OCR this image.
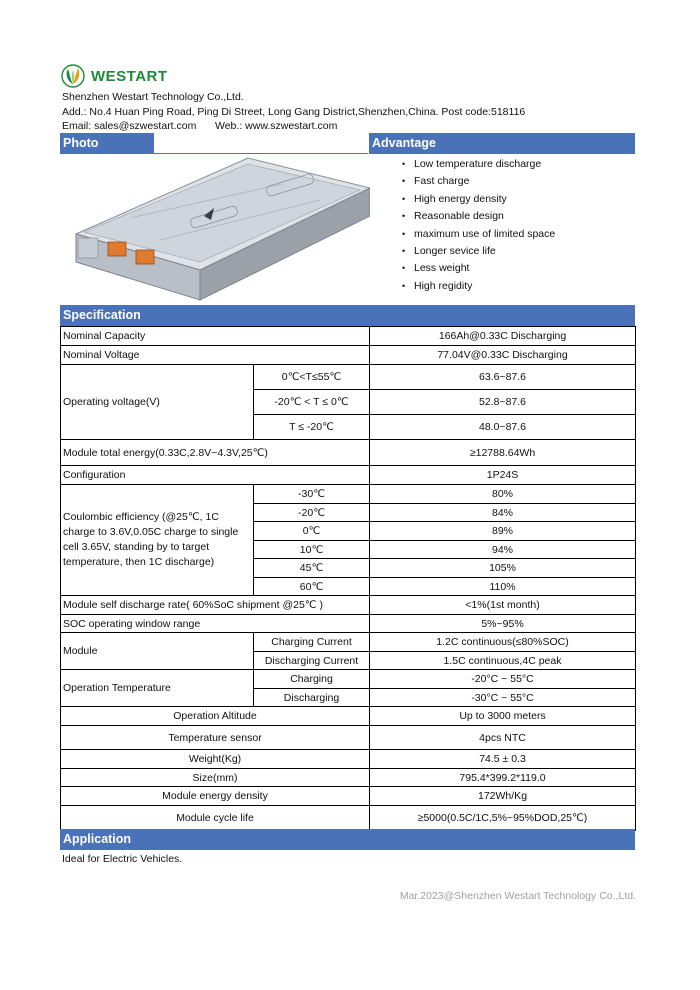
WESTART
Shenzhen Westart Technology Co.,Ltd.
Add.: No.4 Huan Ping Road, Ping Di Street, Long Gang District,Shenzhen,China. Post code:518116
Email: sales@szwestart.com Web.: www.szwestart.com
Photo	Advantage
• Low temperature discharge
• Fast charge
• High energy density
• Reasonable design
• maximum use of limited space
• Longer sevice life
• Less weight
• High regidity
Specification
Nominal Capacity		166Ah@0.33C Discharging
Nominal Voltage		77.04V@0.33C Discharging
Operating voltage(V)	0℃<T≤55℃	63.6~87.6
	-20℃ < T ≤ 0℃	52.8~87.6
	T ≤ -20℃	48.0~87.6
Module total energy(0.33C,2.8V~4.3V,25℃)		≥12788.64Wh
Configuration		1P24S
Coulombic efficiency (@25℃, 1C charge to 3.6V,0.05C charge to single cell 3.65V, standing by to target temperature, then 1C discharge)	-30℃	80%
	-20℃	84%
	0℃	89%
	10℃	94%
	45℃	105%
	60℃	110%
Module self discharge rate( 60%SoC shipment @25℃ )		<1%(1st month)
SOC operating window range		5%~95%
Module	Charging Current	1.2C continuous(≤80%SOC)
	Discharging Current	1.5C continuous,4C peak
Operation Temperature	Charging	-20°C ~ 55°C
	Discharging	-30°C ~ 55°C
Operation Altitude		Up to 3000 meters
Temperature sensor		4pcs NTC
Weight(Kg)		74.5 ± 0.3
Size(mm)		795.4*399.2*119.0
Module energy density		172Wh/Kg
Module cycle life		≥5000(0.5C/1C,5%~95%DOD,25℃)
Application
Ideal for Electric Vehicles.
Mar.2023@Shenzhen Westart Technology Co.,Ltd.
